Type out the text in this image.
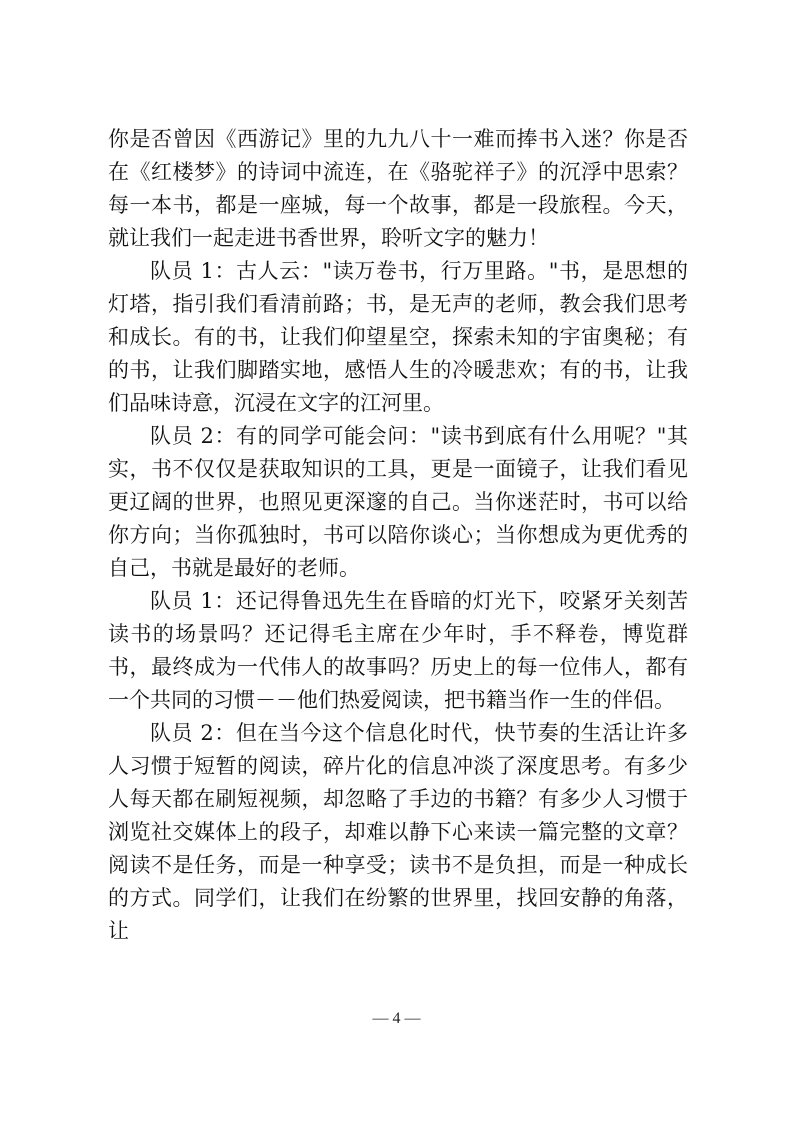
你是否曾因《西游记》里的九九八十一难而捧书入迷？你是否在《红楼梦》的诗词中流连，在《骆驼祥子》的沉浮中思索？每一本书，都是一座城，每一个故事，都是一段旅程。今天，就让我们一起走进书香世界，聆听文字的魅力！

队员 1：古人云："读万卷书，行万里路。"书，是思想的灯塔，指引我们看清前路；书，是无声的老师，教会我们思考和成长。有的书，让我们仰望星空，探索未知的宇宙奥秘；有的书，让我们脚踏实地，感悟人生的冷暖悲欢；有的书，让我们品味诗意，沉浸在文字的江河里。

队员 2：有的同学可能会问："读书到底有什么用呢？"其实，书不仅仅是获取知识的工具，更是一面镜子，让我们看见更辽阔的世界，也照见更深邃的自己。当你迷茫时，书可以给你方向；当你孤独时，书可以陪你谈心；当你想成为更优秀的自己，书就是最好的老师。

队员 1：还记得鲁迅先生在昏暗的灯光下，咬紧牙关刻苦读书的场景吗？还记得毛主席在少年时，手不释卷，博览群书，最终成为一代伟人的故事吗？历史上的每一位伟人，都有一个共同的习惯－－他们热爱阅读，把书籍当作一生的伴侣。

队员 2：但在当今这个信息化时代，快节奏的生活让许多人习惯于短暂的阅读，碎片化的信息冲淡了深度思考。有多少人每天都在刷短视频，却忽略了手边的书籍？有多少人习惯于浏览社交媒体上的段子，却难以静下心来读一篇完整的文章？阅读不是任务，而是一种享受；读书不是负担，而是一种成长的方式。同学们，让我们在纷繁的世界里，找回安静的角落，让

— 4 —
